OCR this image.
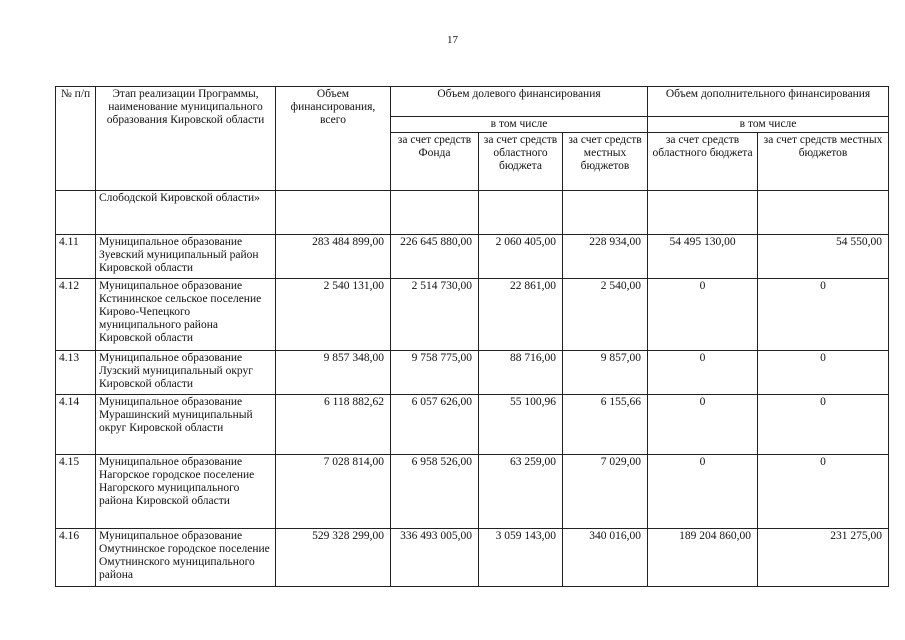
17
№ п/п	Этап реализации Программы, наименование муниципального образования Кировской области	Объем финансирования, всего	Объем долевого финансирования			Объем дополнительного финансирования	
			в том числе			в том числе	
			за счет средств Фонда	за счет средств областного бюджета	за счет средств местных бюджетов	за счет средств областного бюджета	за счет средств местных бюджетов
	Слободской Кировской области»						
4.11	Муниципальное образование Зуевский муниципальный район Кировской области	283 484 899,00	226 645 880,00	2 060 405,00	228 934,00	54 495 130,00	54 550,00
4.12	Муниципальное образование Кстининское сельское поселение Кирово-Чепецкого муниципального района Кировской области	2 540 131,00	2 514 730,00	22 861,00	2 540,00	0	0
4.13	Муниципальное образование Лузский муниципальный округ Кировской области	9 857 348,00	9 758 775,00	88 716,00	9 857,00	0	0
4.14	Муниципальное образование Мурашинский муниципальный округ Кировской области	6 118 882,62	6 057 626,00	55 100,96	6 155,66	0	0
4.15	Муниципальное образование Нагорское городское поселение Нагорского муниципального района Кировской области	7 028 814,00	6 958 526,00	63 259,00	7 029,00	0	0
4.16	Муниципальное образование Омутнинское городское поселение Омутнинского муниципального района	529 328 299,00	336 493 005,00	3 059 143,00	340 016,00	189 204 860,00	231 275,00
